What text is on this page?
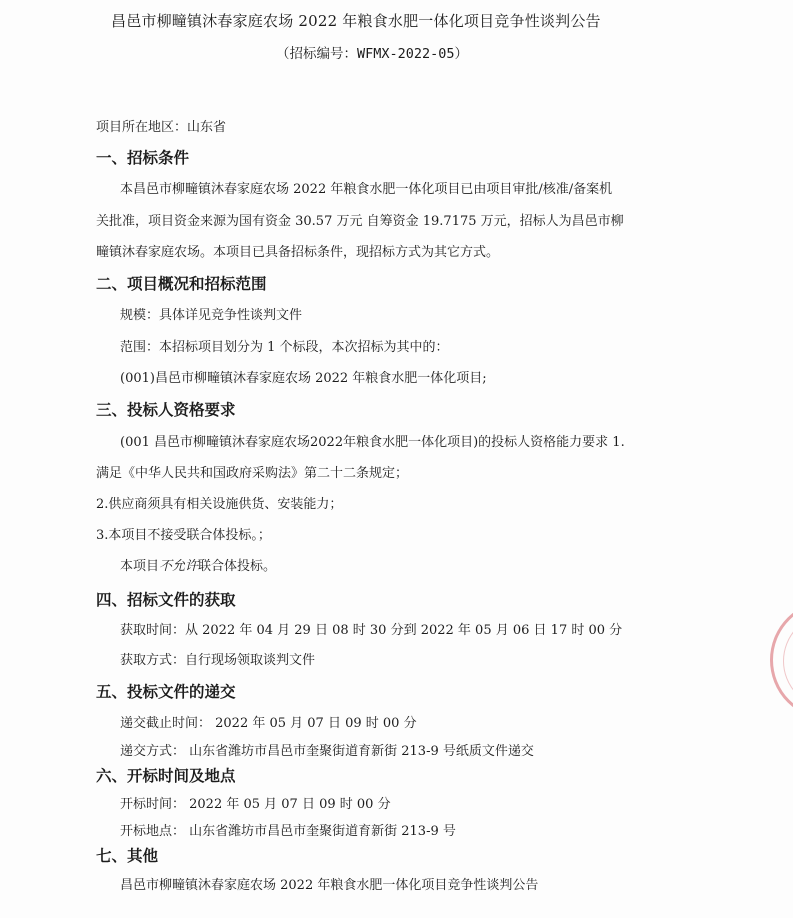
昌邑市柳疃镇沐春家庭农场 2022 年粮食水肥一体化项目竞争性谈判公告
（招标编号：WFMX-2022-05）
项目所在地区：山东省
一、招标条件
本昌邑市柳疃镇沐春家庭农场 2022 年粮食水肥一体化项目已由项目审批/核准/备案机
关批准，项目资金来源为国有资金 30.57 万元 自筹资金 19.7175 万元，招标人为昌邑市柳
疃镇沐春家庭农场。本项目已具备招标条件，现招标方式为其它方式。
二、项目概况和招标范围
规模：具体详见竞争性谈判文件
范围：本招标项目划分为 1 个标段，本次招标为其中的：
(001)昌邑市柳疃镇沐春家庭农场 2022 年粮食水肥一体化项目;
三、投标人资格要求
(001 昌邑市柳疃镇沐春家庭农场2022年粮食水肥一体化项目)的投标人资格能力要求 1.
满足《中华人民共和国政府采购法》第二十二条规定；
2.供应商须具有相关设施供货、安装能力；
3.本项目不接受联合体投标。；
本项目不允许联合体投标。
四、招标文件的获取
获取时间：从 2022 年 04 月 29 日 08 时 30 分到 2022 年 05 月 06 日 17 时 00 分
获取方式：自行现场领取谈判文件
五、投标文件的递交
递交截止时间： 2022 年 05 月 07 日 09 时 00 分
递交方式： 山东省潍坊市昌邑市奎聚街道育新街 213-9 号纸质文件递交
六、开标时间及地点
开标时间： 2022 年 05 月 07 日 09 时 00 分
开标地点： 山东省潍坊市昌邑市奎聚街道育新街 213-9 号
七、其他
昌邑市柳疃镇沐春家庭农场 2022 年粮食水肥一体化项目竞争性谈判公告
